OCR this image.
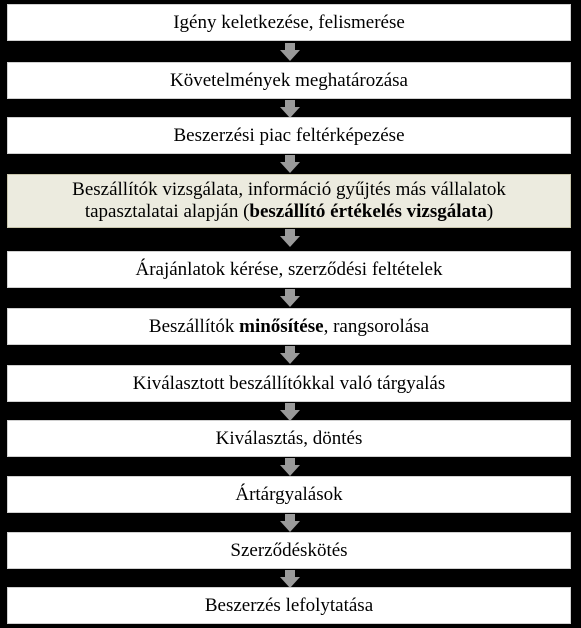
Igény keletkezése, felismerése
Követelmények meghatározása
Beszerzési piac feltérképezése
Beszállítók vizsgálata, információ gyűjtés más vállalatok tapasztalatai alapján (beszállító értékelés vizsgálata)
Árajánlatok kérése, szerződési feltételek
Beszállítók minősítése, rangsorolása
Kiválasztott beszállítókkal való tárgyalás
Kiválasztás, döntés
Ártárgyalások
Szerződéskötés
Beszerzés lefolytatása
